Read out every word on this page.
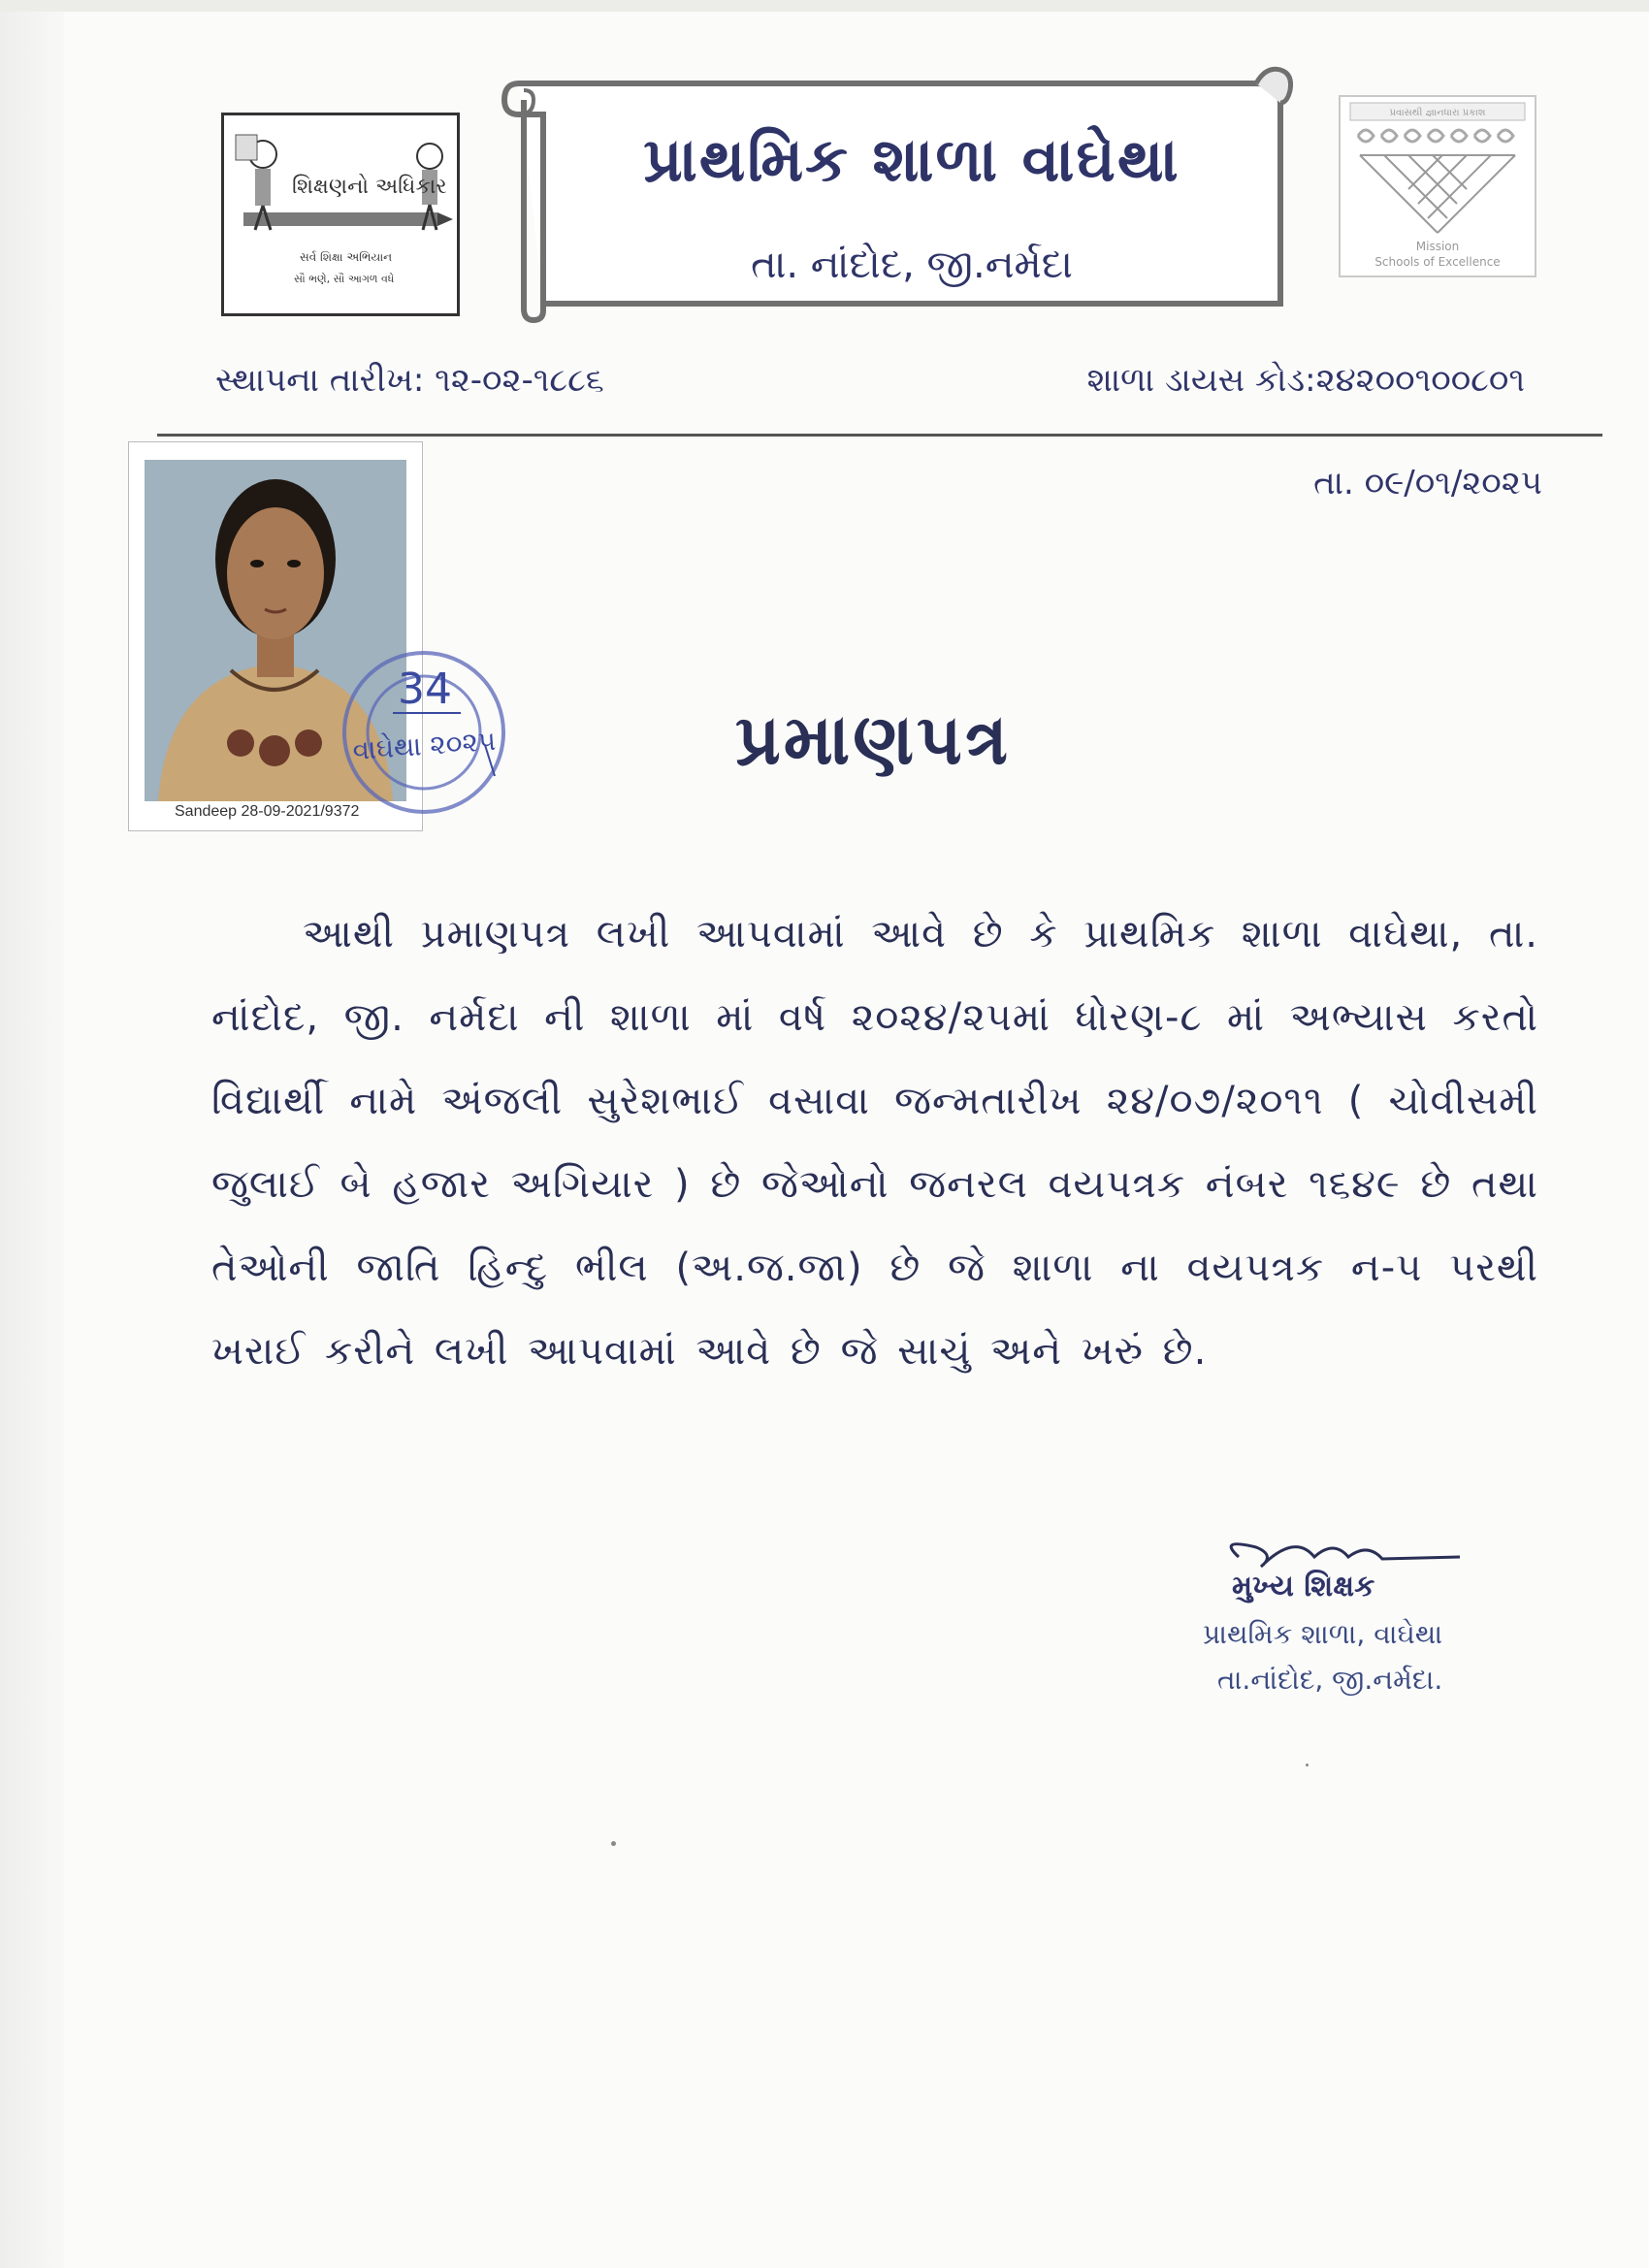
શિક્ષણનો અધિકાર
સર્વ શિક્ષા અભિયાન
સૌ ભણે, સૌ આગળ વધે
પ્રાથમિક શાળા વાઘેથા
તા. નાંદોદ, જી.નર્મદા
પ્રવાસથી જ્ઞાનધારા પ્રકાશ
Mission
Schools of Excellence
સ્થાપના તારીખ: ૧૨-૦૨-૧૮૮૬	શાળા ડાયસ કોડ:૨૪૨૦૦૧૦૦૮૦૧
તા. ૦૯/૦૧/૨૦૨૫
Sandeep 28-09-2021/9372
34
વાઘેથા ૨૦૨૫	પ્રમાણપત્ર
આથી પ્રમાણપત્ર લખી આપવામાં આવે છે કે પ્રાથમિક શાળા વાઘેથા, તા. નાંદોદ, જી. નર્મદા ની શાળા માં વર્ષ ૨૦૨૪/૨૫માં ધોરણ-૮ માં અભ્યાસ કરતો વિદ્યાર્થી નામે અંજલી સુરેશભાઈ વસાવા જન્મતારીખ ૨૪/૦૭/૨૦૧૧ ( ચોવીસમી જુલાઈ બે હજાર અગિયાર ) છે જેઓનો જનરલ વયપત્રક નંબર ૧૬૪૯ છે તથા તેઓની જાતિ હિન્દુ ભીલ (અ.જ.જા) છે જે શાળા ના વયપત્રક ન-૫ પરથી ખરાઈ કરીને લખી આપવામાં આવે છે જે સાચું અને ખરું છે.
મુખ્ય શિક્ષક
પ્રાથમિક શાળા, વાઘેથા
તા.નાંદોદ, જી.નર્મદા.
